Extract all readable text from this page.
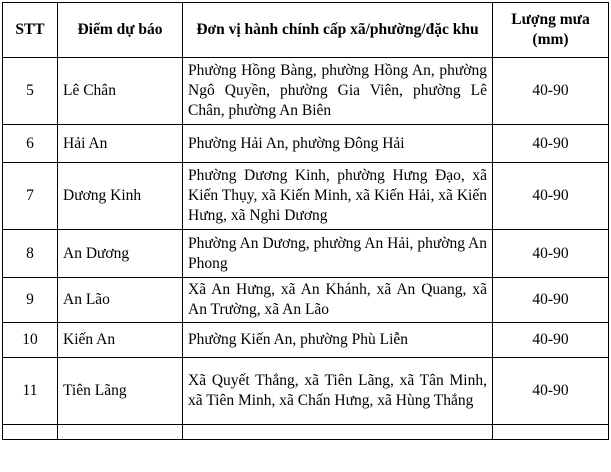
STT	Điểm dự báo	Đơn vị hành chính cấp xã/phường/đặc khu	Lượng mưa (mm)
5	Lê Chân	Phường Hồng Bàng, phường Hồng An, phường Ngô Quyền, phường Gia Viên, phường Lê Chân, phường An Biên	40-90
6	Hải An	Phường Hải An, phường Đông Hải	40-90
7	Dương Kinh	Phường Dương Kinh, phường Hưng Đạo, xã Kiến Thụy, xã Kiến Minh, xã Kiến Hải, xã Kiến Hưng, xã Nghi Dương	40-90
8	An Dương	Phường An Dương, phường An Hải, phường An Phong	40-90
9	An Lão	Xã An Hưng, xã An Khánh, xã An Quang, xã An Trường, xã An Lão	40-90
10	Kiến An	Phường Kiến An, phường Phù Liễn	40-90
11	Tiên Lãng	Xã Quyết Thắng, xã Tiên Lãng, xã Tân Minh, xã Tiên Minh, xã Chấn Hưng, xã Hùng Thắng	40-90
